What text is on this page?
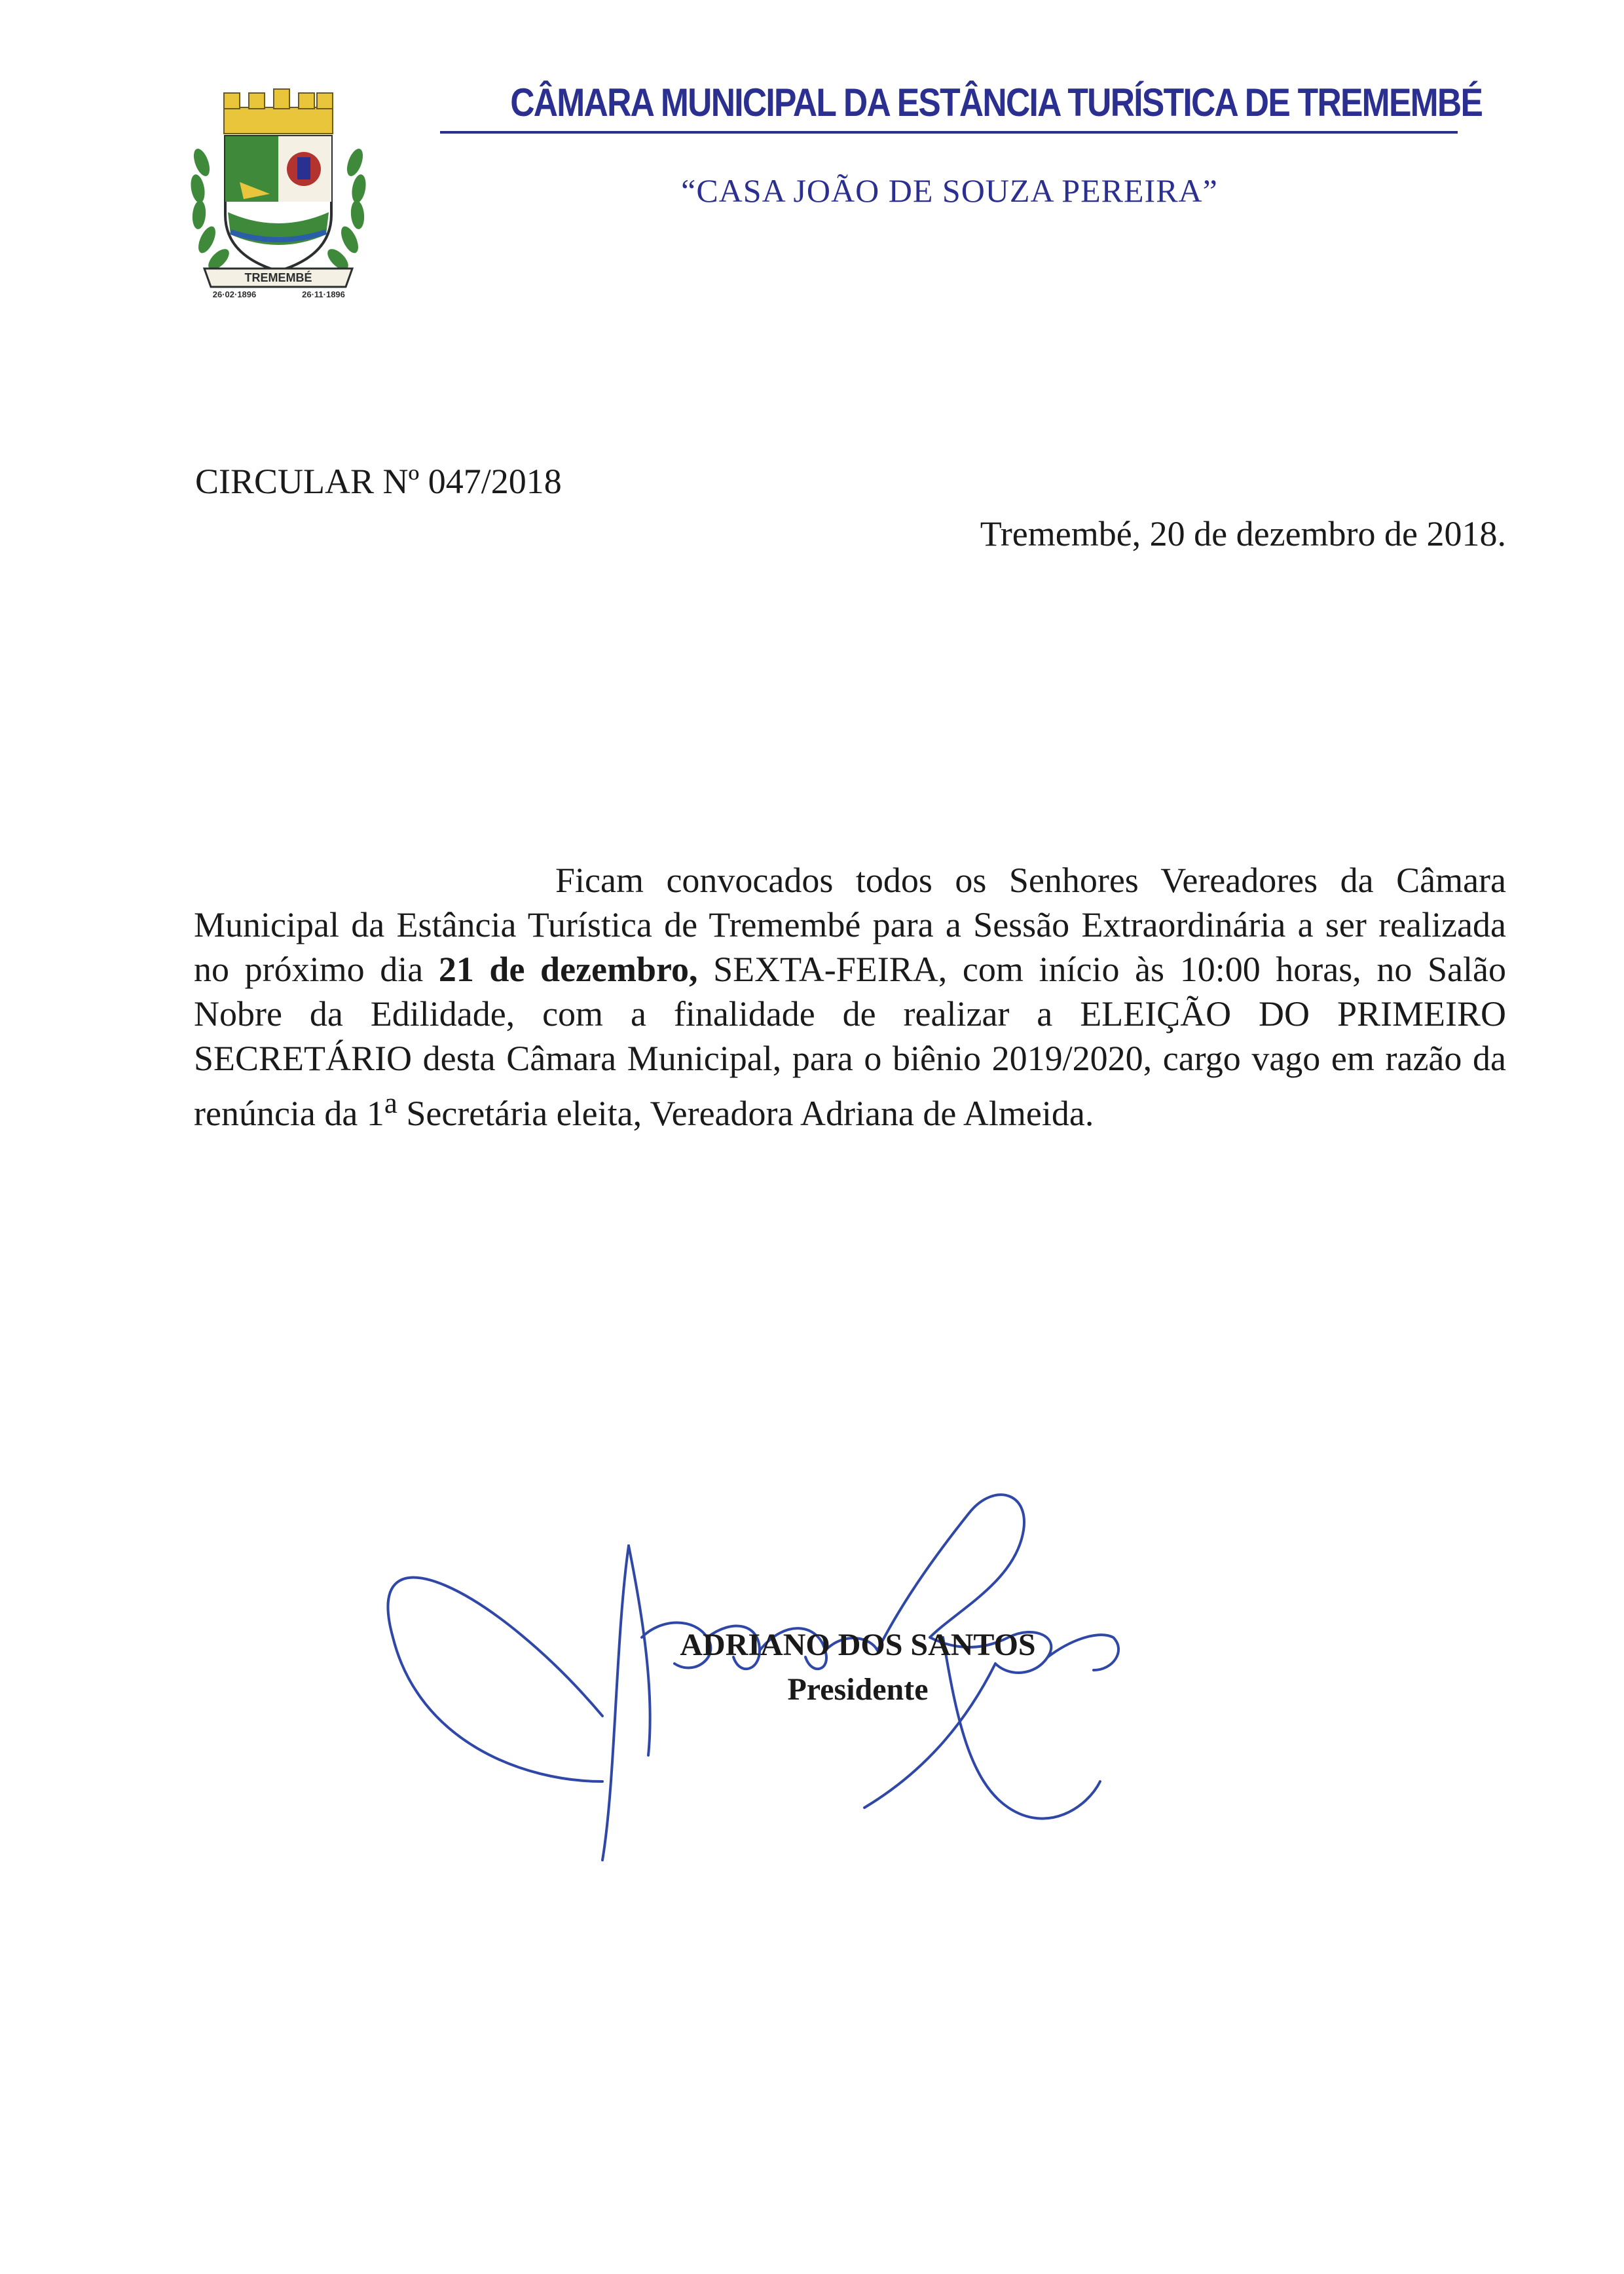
TREMEMBÉ
26·02·1896	26·11·1896
CÂMARA MUNICIPAL DA ESTÂNCIA TURÍSTICA DE TREMEMBÉ
“CASA JOÃO DE SOUZA PEREIRA”
CIRCULAR Nº 047/2018
Tremembé, 20 de dezembro de 2018.
Ficam convocados todos os Senhores Vereadores da Câmara Municipal da Estância Turística de Tremembé para a Sessão Extraordinária a ser realizada no próximo dia 21 de dezembro, SEXTA-FEIRA, com início às 10:00 horas, no Salão Nobre da Edilidade, com a finalidade de realizar a ELEIÇÃO DO PRIMEIRO SECRETÁRIO desta Câmara Municipal, para o biênio 2019/2020, cargo vago em razão da renúncia da 1$^a$ Secretária eleita, Vereadora Adriana de Almeida.
ADRIANO DOS SANTOS
Presidente
